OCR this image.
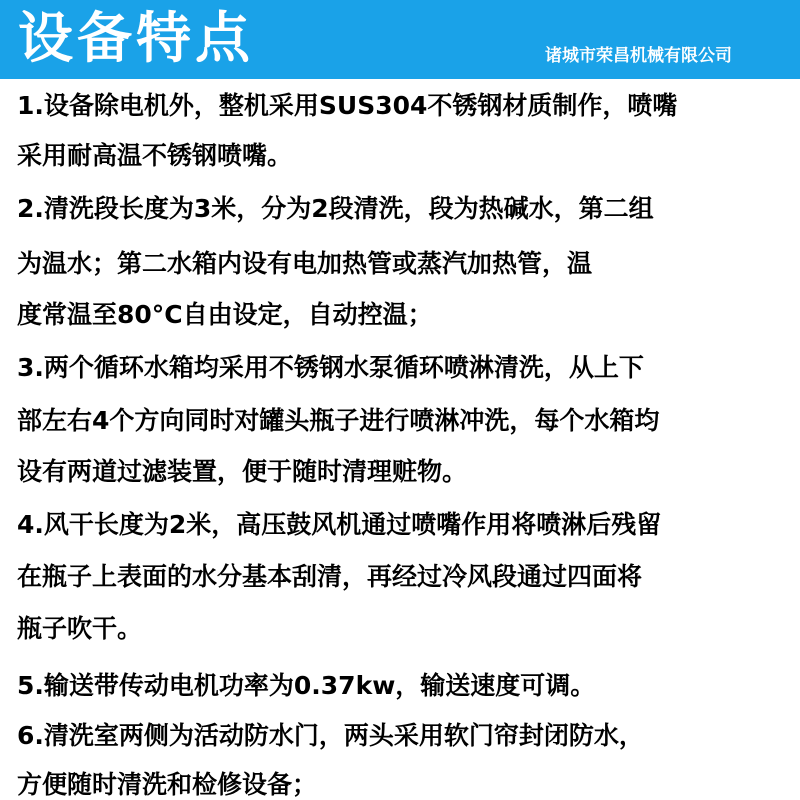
设备特点	诸城市荣昌机械有限公司
1.设备除电机外，整机采用SUS304不锈钢材质制作，喷嘴
采用耐高温不锈钢喷嘴。
2.清洗段长度为3米，分为2段清洗，段为热碱水，第二组
为温水；第二水箱内设有电加热管或蒸汽加热管，温
度常温至80°C自由设定，自动控温；
3.两个循环水箱均采用不锈钢水泵循环喷淋清洗，从上下
部左右4个方向同时对罐头瓶子进行喷淋冲洗，每个水箱均
设有两道过滤装置，便于随时清理赃物。
4.风干长度为2米，高压鼓风机通过喷嘴作用将喷淋后残留
在瓶子上表面的水分基本刮清，再经过冷风段通过四面将
瓶子吹干。
5.输送带传动电机功率为0.37kw，输送速度可调。
6.清洗室两侧为活动防水门，两头采用软门帘封闭防水，
方便随时清洗和检修设备；
